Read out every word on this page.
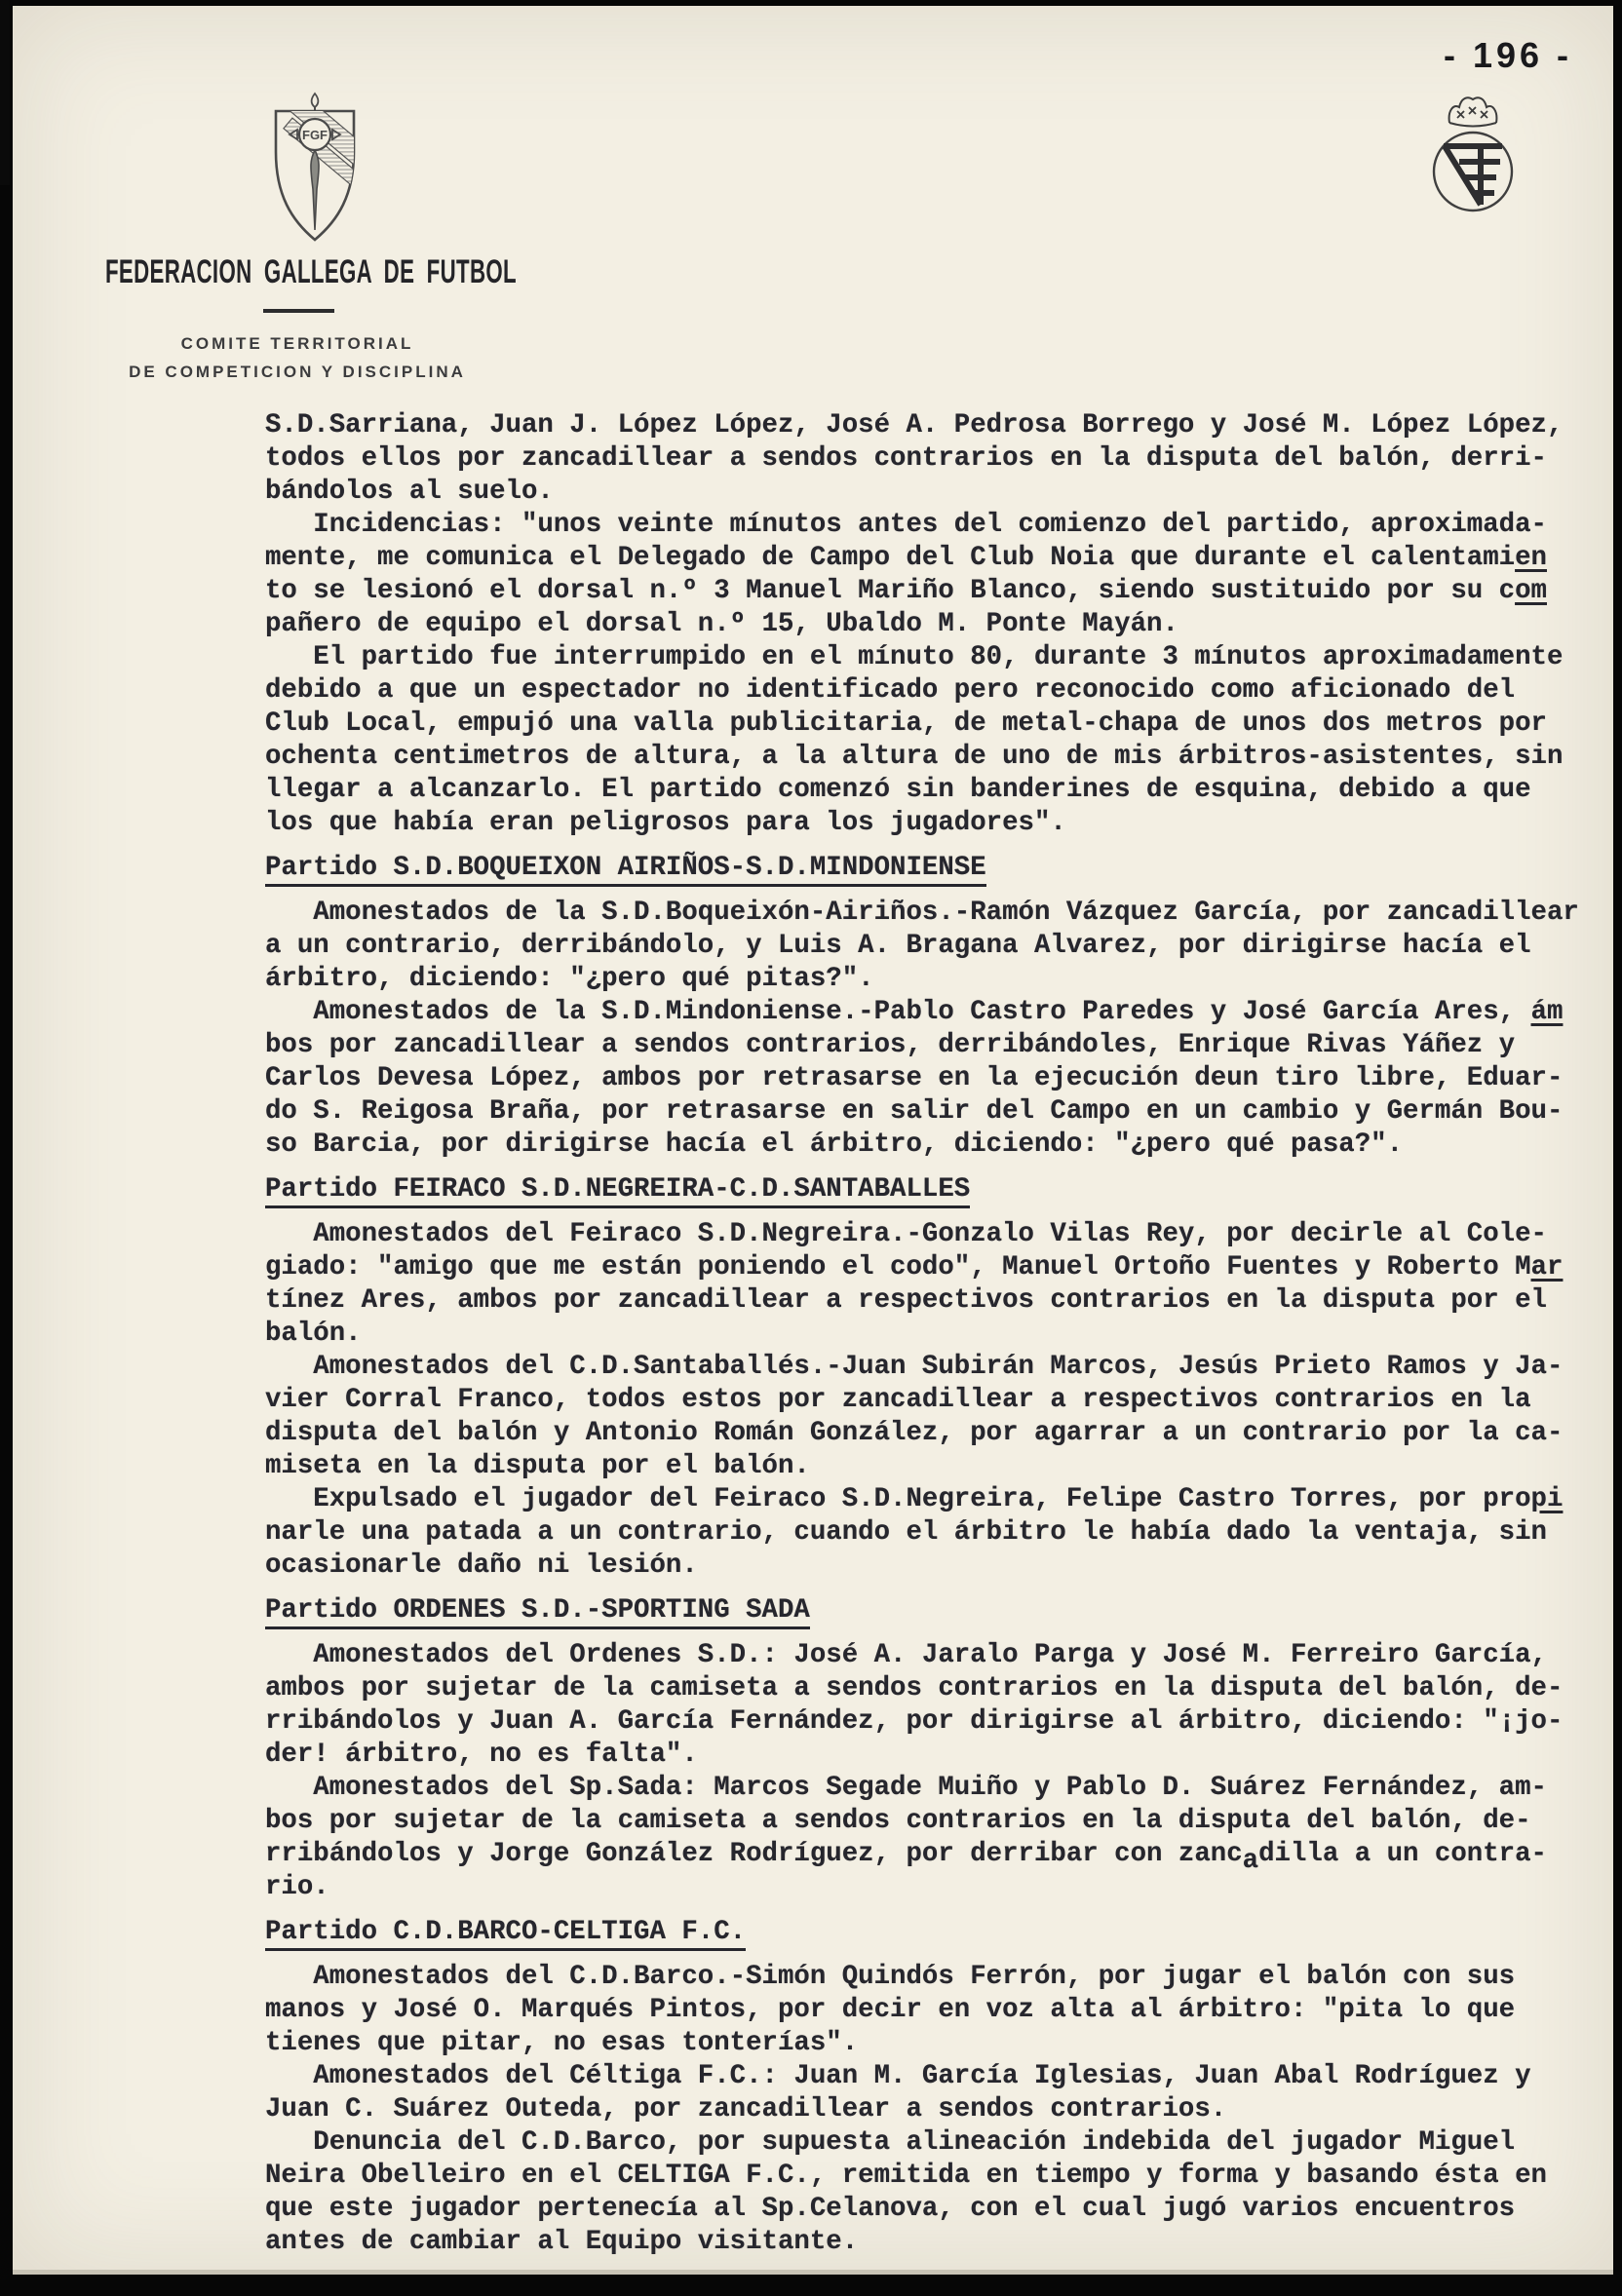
- 196 -
FGF
FEDERACION GALLEGA DE FUTBOL
COMITE TERRITORIAL
DE COMPETICION Y DISCIPLINA
S.D.Sarriana, Juan J. López López, José A. Pedrosa Borrego y José M. López López,
todos ellos por zancadillear a sendos contrarios en la disputa del balón, derri-
bándolos al suelo.
Incidencias: "unos veinte mínutos antes del comienzo del partido, aproximada-
mente, me comunica el Delegado de Campo del Club Noia que durante el calentamien
to se lesionó el dorsal n.º 3 Manuel Mariño Blanco, siendo sustituido por su com
pañero de equipo el dorsal n.º 15, Ubaldo M. Ponte Mayán.
El partido fue interrumpido en el mínuto 80, durante 3 mínutos aproximadamente
debido a que un espectador no identificado pero reconocido como aficionado del
Club Local, empujó una valla publicitaria, de metal-chapa de unos dos metros por
ochenta centimetros de altura, a la altura de uno de mis árbitros-asistentes, sin
llegar a alcanzarlo. El partido comenzó sin banderines de esquina, debido a que
los que había eran peligrosos para los jugadores".
Partido S.D.BOQUEIXON AIRIÑOS-S.D.MINDONIENSE
Amonestados de la S.D.Boqueixón-Airiños.-Ramón Vázquez García, por zancadillear
a un contrario, derribándolo, y Luis A. Bragana Alvarez, por dirigirse hacía el
árbitro, diciendo: "¿pero qué pitas?".
Amonestados de la S.D.Mindoniense.-Pablo Castro Paredes y José García Ares, ám
bos por zancadillear a sendos contrarios, derribándoles, Enrique Rivas Yáñez y
Carlos Devesa López, ambos por retrasarse en la ejecución deun tiro libre, Eduar-
do S. Reigosa Braña, por retrasarse en salir del Campo en un cambio y Germán Bou-
so Barcia, por dirigirse hacía el árbitro, diciendo: "¿pero qué pasa?".
Partido FEIRACO S.D.NEGREIRA-C.D.SANTABALLES
Amonestados del Feiraco S.D.Negreira.-Gonzalo Vilas Rey, por decirle al Cole-
giado: "amigo que me están poniendo el codo", Manuel Ortoño Fuentes y Roberto Mar
tínez Ares, ambos por zancadillear a respectivos contrarios en la disputa por el
balón.
Amonestados del C.D.Santaballés.-Juan Subirán Marcos, Jesús Prieto Ramos y Ja-
vier Corral Franco, todos estos por zancadillear a respectivos contrarios en la
disputa del balón y Antonio Román González, por agarrar a un contrario por la ca-
miseta en la disputa por el balón.
Expulsado el jugador del Feiraco S.D.Negreira, Felipe Castro Torres, por propi
narle una patada a un contrario, cuando el árbitro le había dado la ventaja, sin
ocasionarle daño ni lesión.
Partido ORDENES S.D.-SPORTING SADA
Amonestados del Ordenes S.D.: José A. Jaralo Parga y José M. Ferreiro García,
ambos por sujetar de la camiseta a sendos contrarios en la disputa del balón, de-
rribándolos y Juan A. García Fernández, por dirigirse al árbitro, diciendo: "¡jo-
der! árbitro, no es falta".
Amonestados del Sp.Sada: Marcos Segade Muiño y Pablo D. Suárez Fernández, am-
bos por sujetar de la camiseta a sendos contrarios en la disputa del balón, de-
rribándolos y Jorge González Rodríguez, por derribar con zancadilla a un contra-
rio.
Partido C.D.BARCO-CELTIGA F.C.
Amonestados del C.D.Barco.-Simón Quindós Ferrón, por jugar el balón con sus
manos y José O. Marqués Pintos, por decir en voz alta al árbitro: "pita lo que
tienes que pitar, no esas tonterías".
Amonestados del Céltiga F.C.: Juan M. García Iglesias, Juan Abal Rodríguez y
Juan C. Suárez Outeda, por zancadillear a sendos contrarios.
Denuncia del C.D.Barco, por supuesta alineación indebida del jugador Miguel
Neira Obelleiro en el CELTIGA F.C., remitida en tiempo y forma y basando ésta en
que este jugador pertenecía al Sp.Celanova, con el cual jugó varios encuentros
antes de cambiar al Equipo visitante.
